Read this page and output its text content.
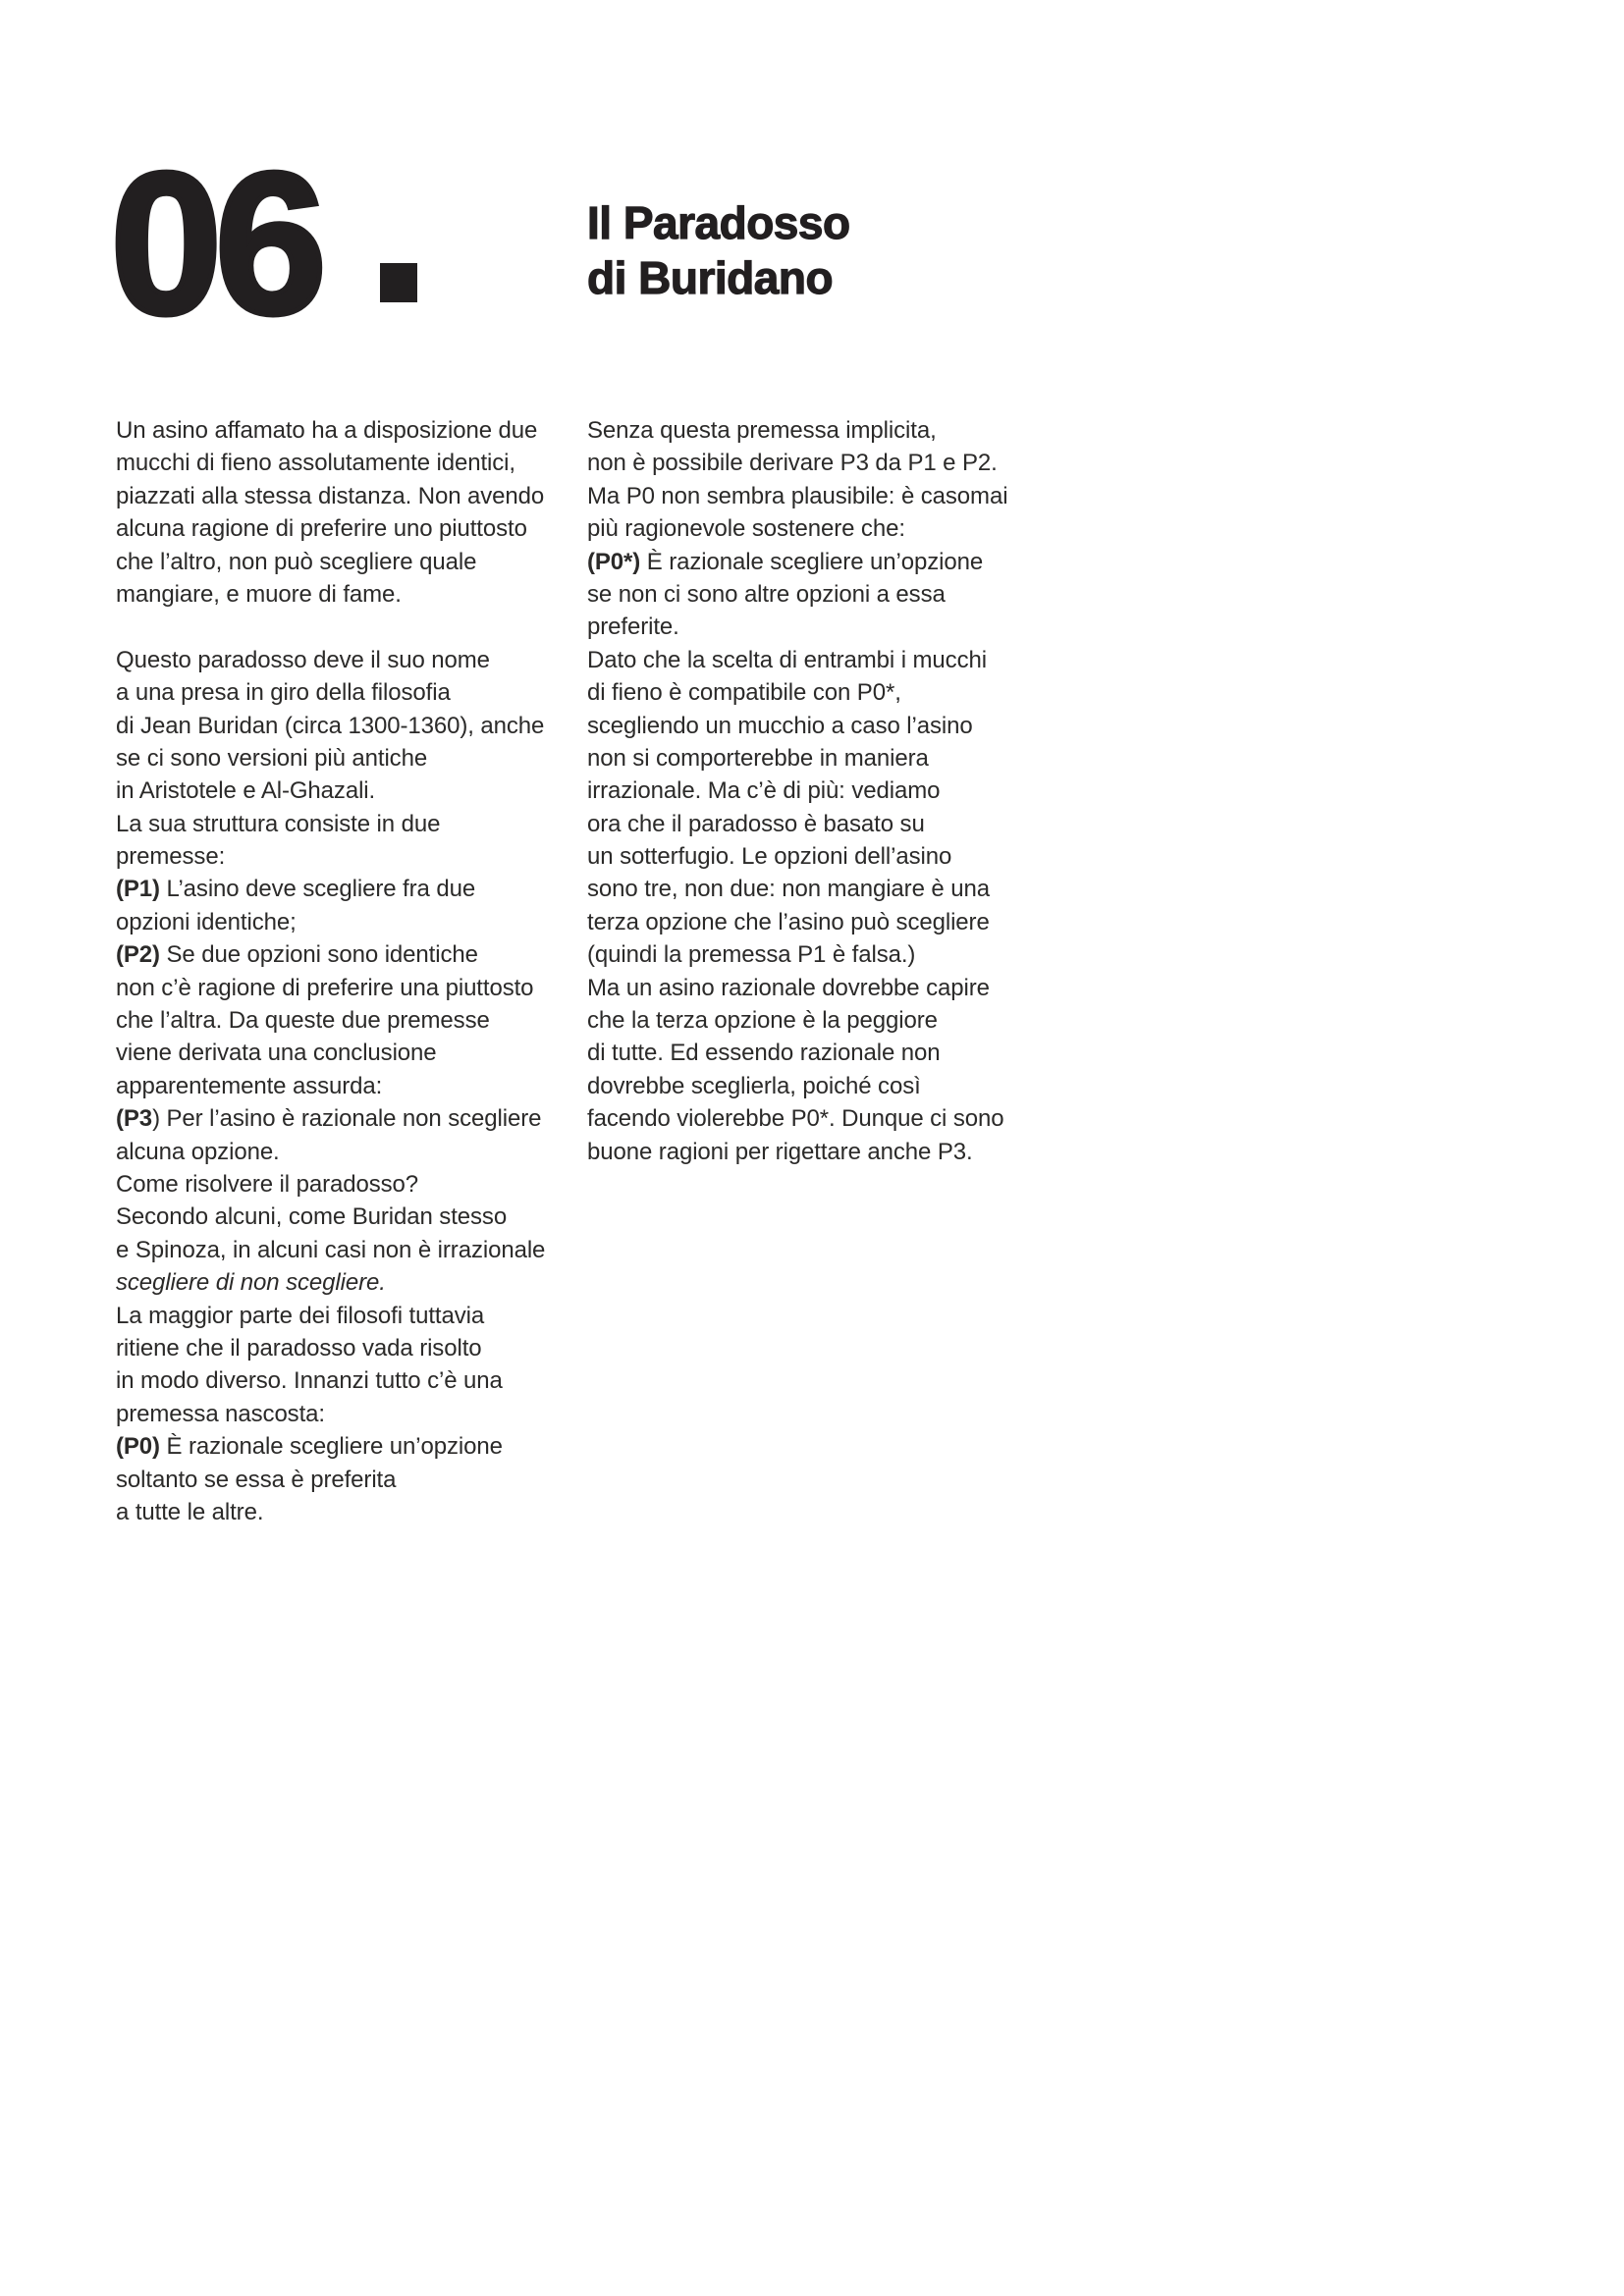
06	Il Paradosso
di Buridano
Un asino affamato ha a disposizione due
mucchi di fieno assolutamente identici,
piazzati alla stessa distanza. Non avendo
alcuna ragione di preferire uno piuttosto
che l’altro, non può scegliere quale
mangiare, e muore di fame.
Questo paradosso deve il suo nome
a una presa in giro della filosofia
di Jean Buridan (circa 1300-1360), anche
se ci sono versioni più antiche
in Aristotele e Al-Ghazali.
La sua struttura consiste in due
premesse:
(P1) L’asino deve scegliere fra due
opzioni identiche;
(P2) Se due opzioni sono identiche
non c’è ragione di preferire una piuttosto
che l’altra. Da queste due premesse
viene derivata una conclusione
apparentemente assurda:
(P3) Per l’asino è razionale non scegliere
alcuna opzione.
Come risolvere il paradosso?
Secondo alcuni, come Buridan stesso
e Spinoza, in alcuni casi non è irrazionale
scegliere di non scegliere.
La maggior parte dei filosofi tuttavia
ritiene che il paradosso vada risolto
in modo diverso. Innanzi tutto c’è una
premessa nascosta:
(P0) È razionale scegliere un’opzione
soltanto se essa è preferita
a tutte le altre.
Senza questa premessa implicita,
non è possibile derivare P3 da P1 e P2.
Ma P0 non sembra plausibile: è casomai
più ragionevole sostenere che:
(P0*) È razionale scegliere un’opzione
se non ci sono altre opzioni a essa
preferite.
Dato che la scelta di entrambi i mucchi
di fieno è compatibile con P0*,
scegliendo un mucchio a caso l’asino
non si comporterebbe in maniera
irrazionale. Ma c’è di più: vediamo
ora che il paradosso è basato su
un sotterfugio. Le opzioni dell’asino
sono tre, non due: non mangiare è una
terza opzione che l’asino può scegliere
(quindi la premessa P1 è falsa.)
Ma un asino razionale dovrebbe capire
che la terza opzione è la peggiore
di tutte. Ed essendo razionale non
dovrebbe sceglierla, poiché così
facendo violerebbe P0*. Dunque ci sono
buone ragioni per rigettare anche P3.
